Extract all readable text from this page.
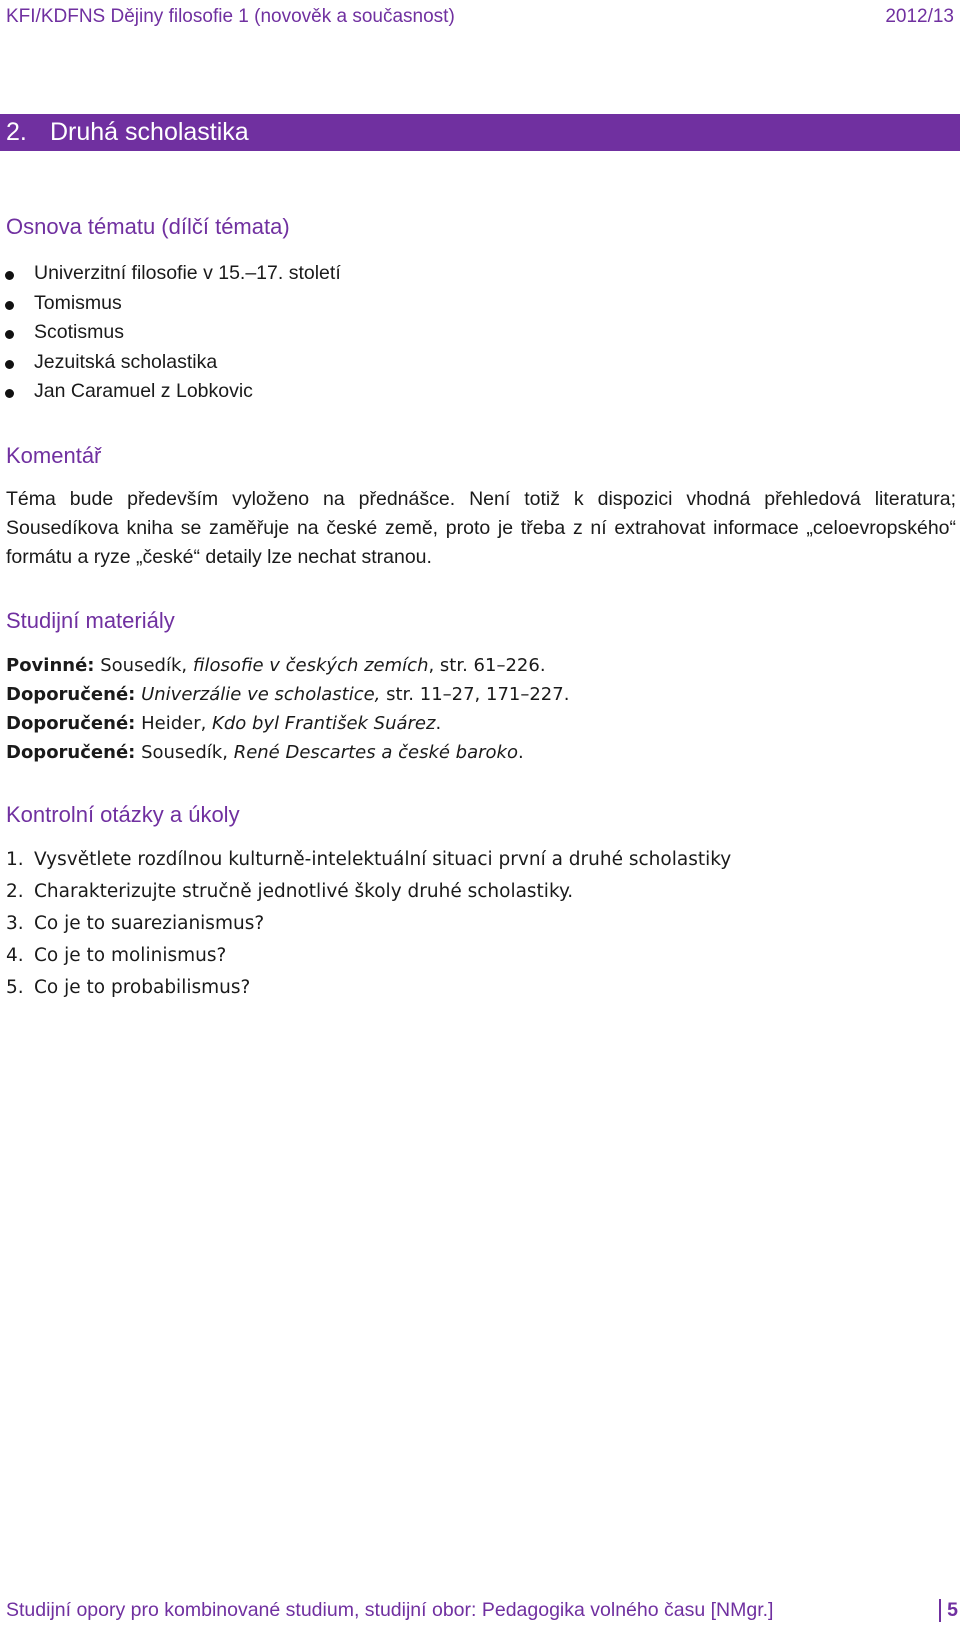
KFI/KDFNS Dějiny filosofie 1 (novověk a současnost)	2012/13
2. Druhá scholastika
Osnova tématu (dílčí témata)
Univerzitní filosofie v 15.–17. století
Tomismus
Scotismus
Jezuitská scholastika
Jan Caramuel z Lobkovic
Komentář

Téma bude především vyloženo na přednášce. Není totiž k dispozici vhodná přehledová literatura; Sousedíkova kniha se zaměřuje na české země, proto je třeba z ní extrahovat informace „celoevropského“ formátu a ryze „české“ detaily lze nechat stranou.

Studijní materiály
Povinné: Sousedík, filosofie v českých zemích, str. 61–226.
Doporučené: Univerzálie ve scholastice, str. 11–27, 171–227.
Doporučené: Heider, Kdo byl František Suárez.
Doporučené: Sousedík, René Descartes a české baroko.
Kontrolní otázky a úkoly
1. Vysvětlete rozdílnou kulturně-intelektuální situaci první a druhé scholastiky
2. Charakterizujte stručně jednotlivé školy druhé scholastiky.
3. Co je to suarezianismus?
4. Co je to molinismus?
5. Co je to probabilismus?
Studijní opory pro kombinované studium, studijní obor: Pedagogika volného času [NMgr.]	5
